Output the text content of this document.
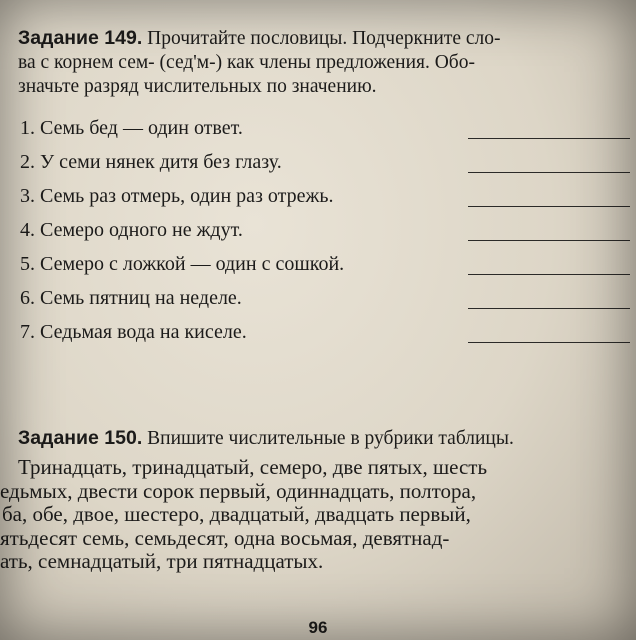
Задание 149. Прочитайте пословицы. Подчеркните сло-
ва с корнем сем- (сед'м-) как члены предложения. Обо-
значьте разряд числительных по значению.
1. Семь бед — один ответ.
2. У семи нянек дитя без глазу.
3. Семь раз отмерь, один раз отрежь.
4. Семеро одного не ждут.
5. Семеро с ложкой — один с сошкой.
6. Семь пятниц на неделе.
7. Седьмая вода на киселе.
Задание 150. Впишите числительные в рубрики таблицы.
Тринадцать, тринадцатый, семеро, две пятых, шесть
едьмых, двести сорок первый, одиннадцать, полтора,
ба, обе, двое, шестеро, двадцатый, двадцать первый,
ятьдесят семь, семьдесят, одна восьмая, девятнад-
ать, семнадцатый, три пятнадцатых.
96
